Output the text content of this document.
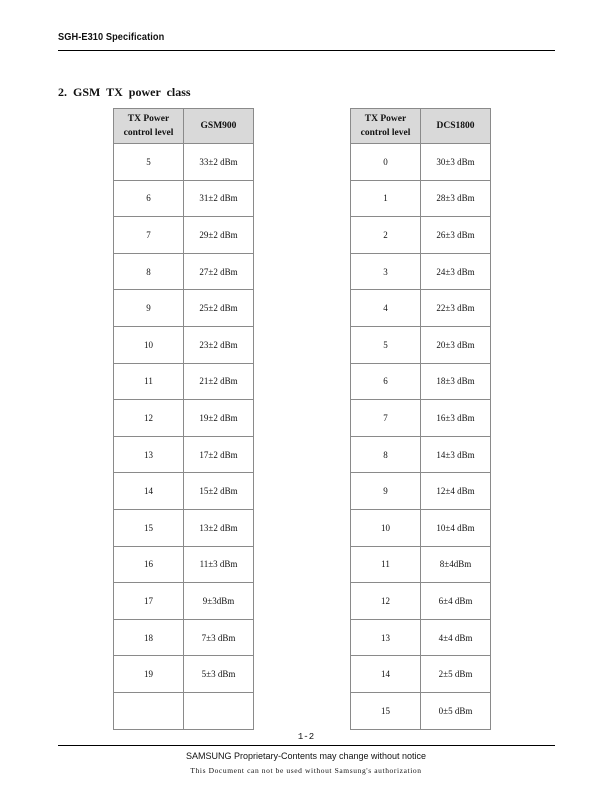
SGH-E310 Specification
2. GSM TX power class
TX Power
control level	GSM900
5	33±2 dBm
6	31±2 dBm
7	29±2 dBm
8	27±2 dBm
9	25±2 dBm
10	23±2 dBm
11	21±2 dBm
12	19±2 dBm
13	17±2 dBm
14	15±2 dBm
15	13±2 dBm
16	11±3 dBm
17	9±3dBm
18	7±3 dBm
19	5±3 dBm

TX Power
control level	DCS1800
0	30±3 dBm
1	28±3 dBm
2	26±3 dBm
3	24±3 dBm
4	22±3 dBm
5	20±3 dBm
6	18±3 dBm
7	16±3 dBm
8	14±3 dBm
9	12±4 dBm
10	10±4 dBm
11	8±4dBm
12	6±4 dBm
13	4±4 dBm
14	2±5 dBm
15	0±5 dBm
1-2
SAMSUNG Proprietary-Contents may change without notice
This Document can not be used without Samsung's authorization
